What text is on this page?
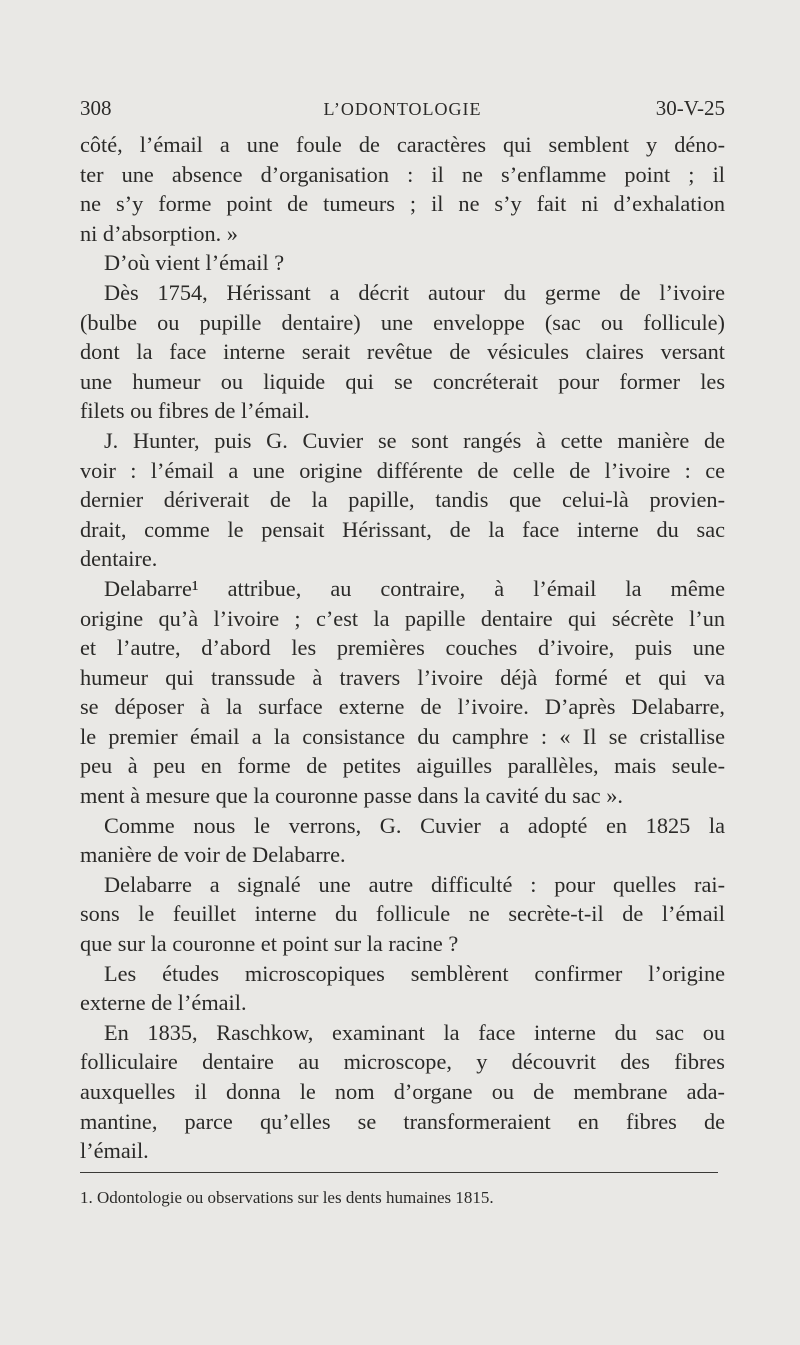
308	L’ODONTOLOGIE	30-V-25
côté, l’émail a une foule de caractères qui semblent y déno-
ter une absence d’organisation : il ne s’enflamme point ; il
ne s’y forme point de tumeurs ; il ne s’y fait ni d’exhalation
ni d’absorption. »
D’où vient l’émail ?
Dès 1754, Hérissant a décrit autour du germe de l’ivoire
(bulbe ou pupille dentaire) une enveloppe (sac ou follicule)
dont la face interne serait revêtue de vésicules claires versant
une humeur ou liquide qui se concréterait pour former les
filets ou fibres de l’émail.
J. Hunter, puis G. Cuvier se sont rangés à cette manière de
voir : l’émail a une origine différente de celle de l’ivoire : ce
dernier dériverait de la papille, tandis que celui-là provien-
drait, comme le pensait Hérissant, de la face interne du sac
dentaire.
Delabarre¹ attribue, au contraire, à l’émail la même
origine qu’à l’ivoire ; c’est la papille dentaire qui sécrète l’un
et l’autre, d’abord les premières couches d’ivoire, puis une
humeur qui transsude à travers l’ivoire déjà formé et qui va
se déposer à la surface externe de l’ivoire. D’après Delabarre,
le premier émail a la consistance du camphre : « Il se cristallise
peu à peu en forme de petites aiguilles parallèles, mais seule-
ment à mesure que la couronne passe dans la cavité du sac ».
Comme nous le verrons, G. Cuvier a adopté en 1825 la
manière de voir de Delabarre.
Delabarre a signalé une autre difficulté : pour quelles rai-
sons le feuillet interne du follicule ne secrète-t-il de l’émail
que sur la couronne et point sur la racine ?
Les études microscopiques semblèrent confirmer l’origine
externe de l’émail.
En 1835, Raschkow, examinant la face interne du sac ou
folliculaire dentaire au microscope, y découvrit des fibres
auxquelles il donna le nom d’organe ou de membrane ada-
mantine, parce qu’elles se transformeraient en fibres de
l’émail.
1. Odontologie ou observations sur les dents humaines 1815.
